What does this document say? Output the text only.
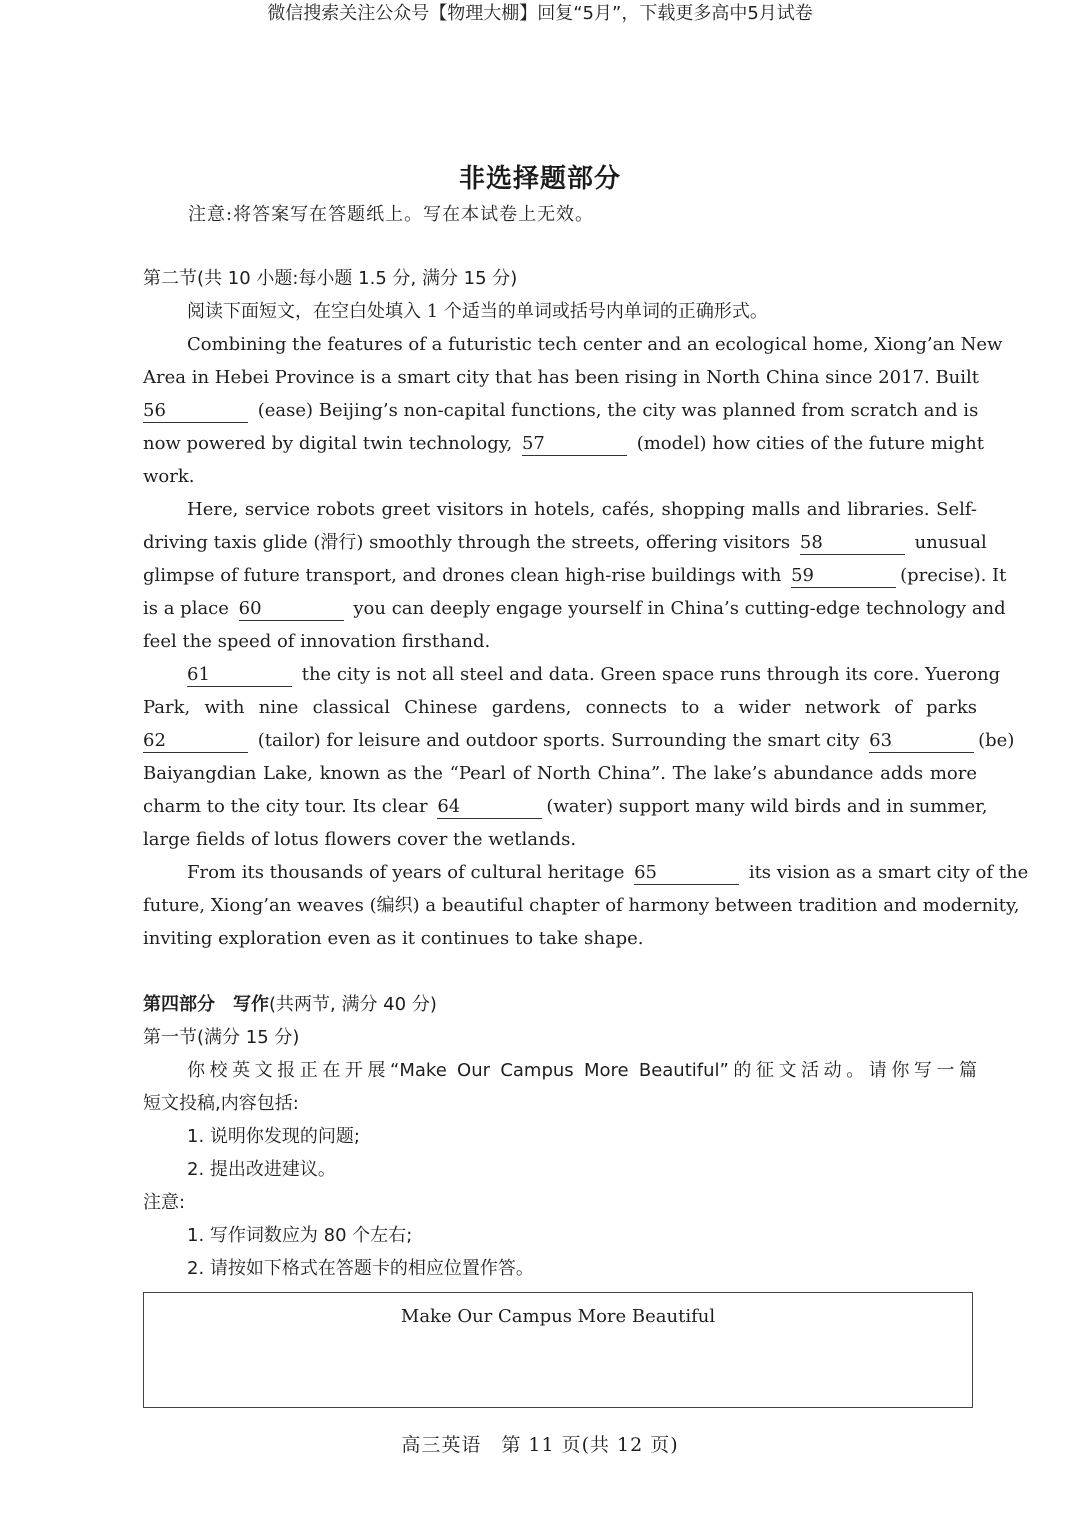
微信搜索关注公众号【物理大棚】回复“5月”，下载更多高中5月试卷
非选择题部分
注意:将答案写在答题纸上。写在本试卷上无效。

第二节(共 10 小题:每小题 1.5 分, 满分 15 分)

阅读下面短文，在空白处填入 1 个适当的单词或括号内单词的正确形式。

Combining the features of a futuristic tech center and an ecological home, Xiong’an New
Area in Hebei Province is a smart city that has been rising in North China since 2017. Built
56	(ease) Beijing’s non-capital functions, the city was planned from scratch and is
now powered by digital twin technology, 57	(model) how cities of the future might
work.
Here, service robots greet visitors in hotels, cafés, shopping malls and libraries. Self-
driving taxis glide (滑行) smoothly through the streets, offering visitors 58	unusual
glimpse of future transport, and drones clean high-rise buildings with 59	(precise). It
is a place 60	you can deeply engage yourself in China’s cutting-edge technology and
feel the speed of innovation firsthand.
61	the city is not all steel and data. Green space runs through its core. Yuerong
Park, with nine classical Chinese gardens, connects to a wider network of parks
62	(tailor) for leisure and outdoor sports. Surrounding the smart city 63	(be)
Baiyangdian Lake, known as the “Pearl of North China”. The lake’s abundance adds more
charm to the city tour. Its clear 64	(water) support many wild birds and in summer,
large fields of lotus flowers cover the wetlands.
From its thousands of years of cultural heritage 65	its vision as a smart city of the
future, Xiong’an weaves (编织) a beautiful chapter of harmony between tradition and modernity,
inviting exploration even as it continues to take shape.

第四部分　写作(共两节, 满分 40 分)

第一节(满分 15 分)

你校英文报正在开展“Make Our Campus More Beautiful”的征文活动。请你写一篇

短文投稿,内容包括:

1. 说明你发现的问题;

2. 提出改进建议。

注意:

1. 写作词数应为 80 个左右;

2. 请按如下格式在答题卡的相应位置作答。

Make Our Campus More Beautiful
高三英语　第 11 页(共 12 页)
